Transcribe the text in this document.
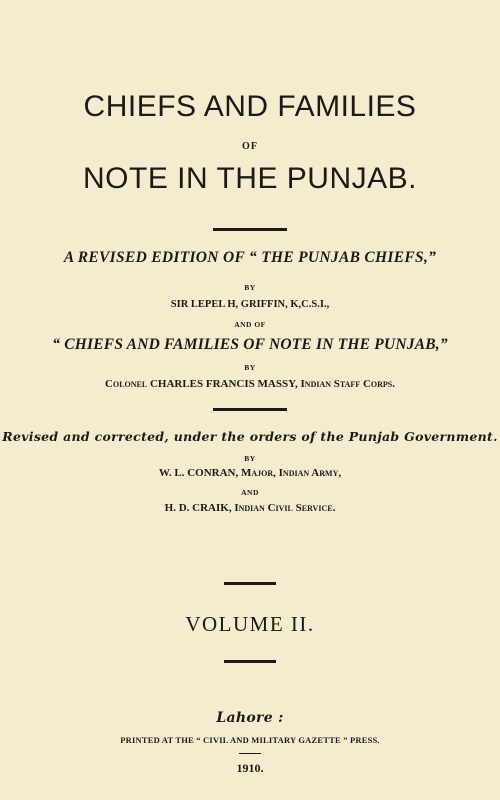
CHIEFS AND FAMILIES
OF
NOTE IN THE PUNJAB.
A REVISED EDITION OF “ THE PUNJAB CHIEFS,”
BY
SIR LEPEL H, GRIFFIN, K,C.S.I.,
AND OF
“ CHIEFS AND FAMILIES OF NOTE IN THE PUNJAB,”
BY
Colonel CHARLES FRANCIS MASSY, Indian Staff Corps.
Revised and corrected, under the orders of the Punjab Government.
BY
W. L. CONRAN, Major, Indian Army,
AND
H. D. CRAIK, Indian Civil Service.
VOLUME II.
Lahore :
PRINTED AT THE “ CIVIL AND MILITARY GAZETTE ” PRESS.
1910.
